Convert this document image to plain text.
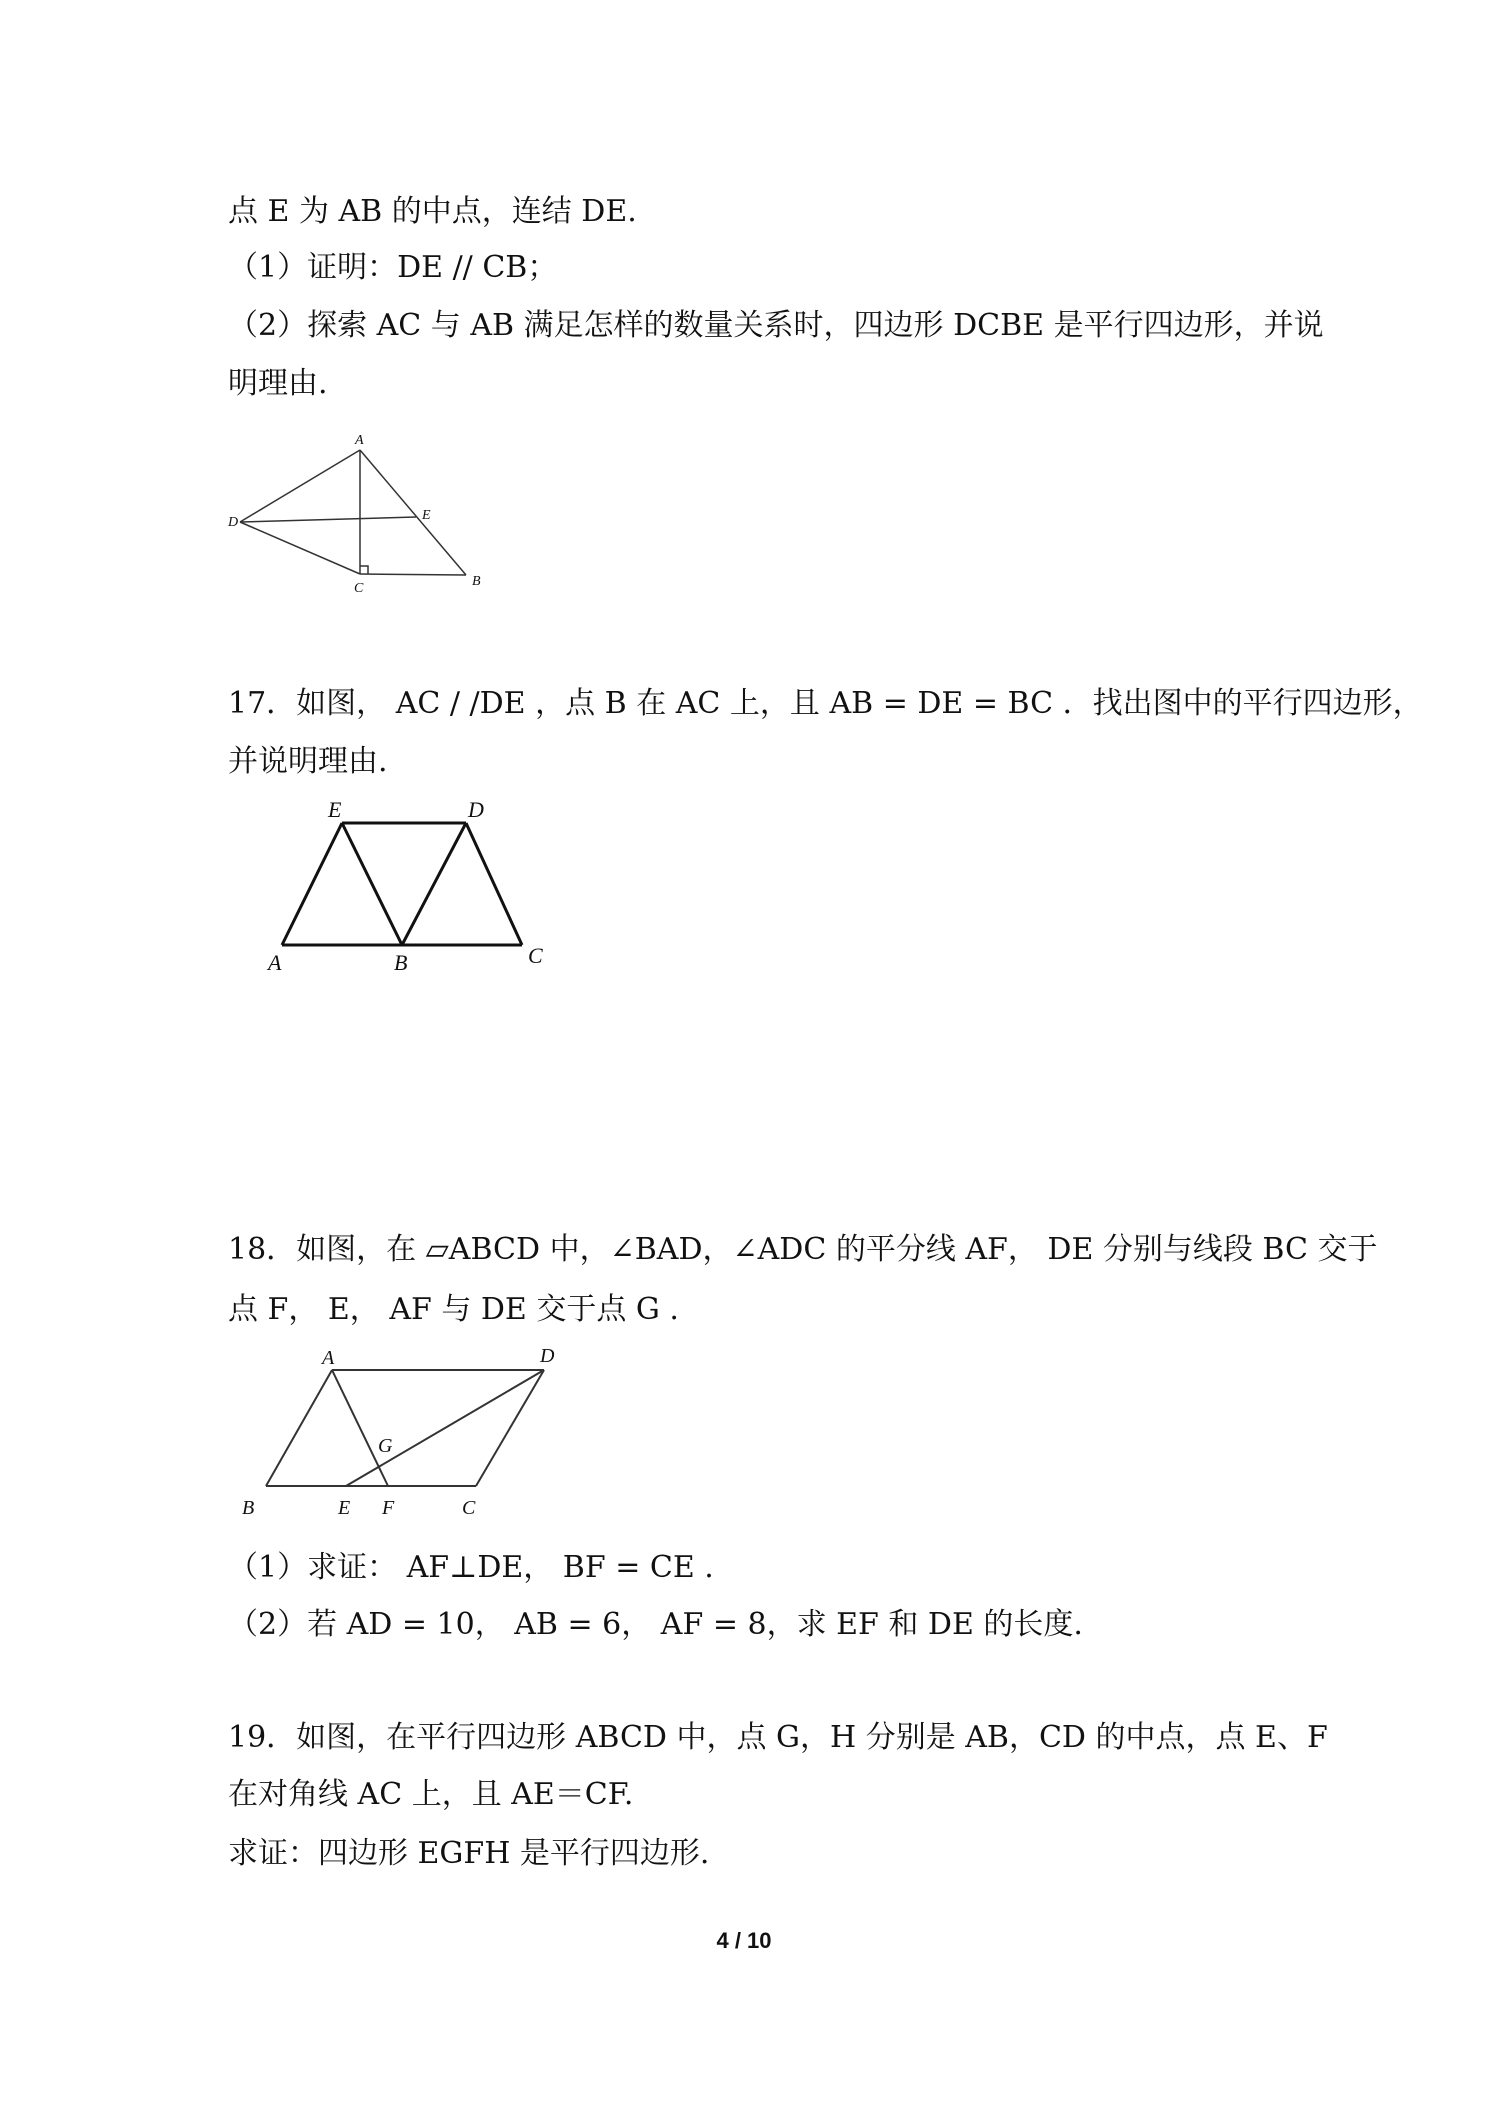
点 E 为 AB 的中点，连结 DE.
（1）证明：DE // CB；
（2）探索 AC 与 AB 满足怎样的数量关系时，四边形 DCBE 是平行四边形，并说
明理由.
A
D	E
C	B
17．如图， AC / /DE ，点 B 在 AC 上，且 AB = DE = BC ．找出图中的平行四边形，
并说明理由.
E	D
A	B	C
18．如图，在 ▱ABCD 中，∠BAD，∠ADC 的平分线 AF， DE 分别与线段 BC 交于
点 F， E， AF 与 DE 交于点 G .
A	D
G
B	E F	C
（1）求证： AF⊥DE， BF = CE .
（2）若 AD = 10， AB = 6， AF = 8，求 EF 和 DE 的长度.
19．如图，在平行四边形 ABCD 中，点 G，H 分别是 AB，CD 的中点，点 E、F
在对角线 AC 上，且 AE＝CF.
求证：四边形 EGFH 是平行四边形.
4 / 10
